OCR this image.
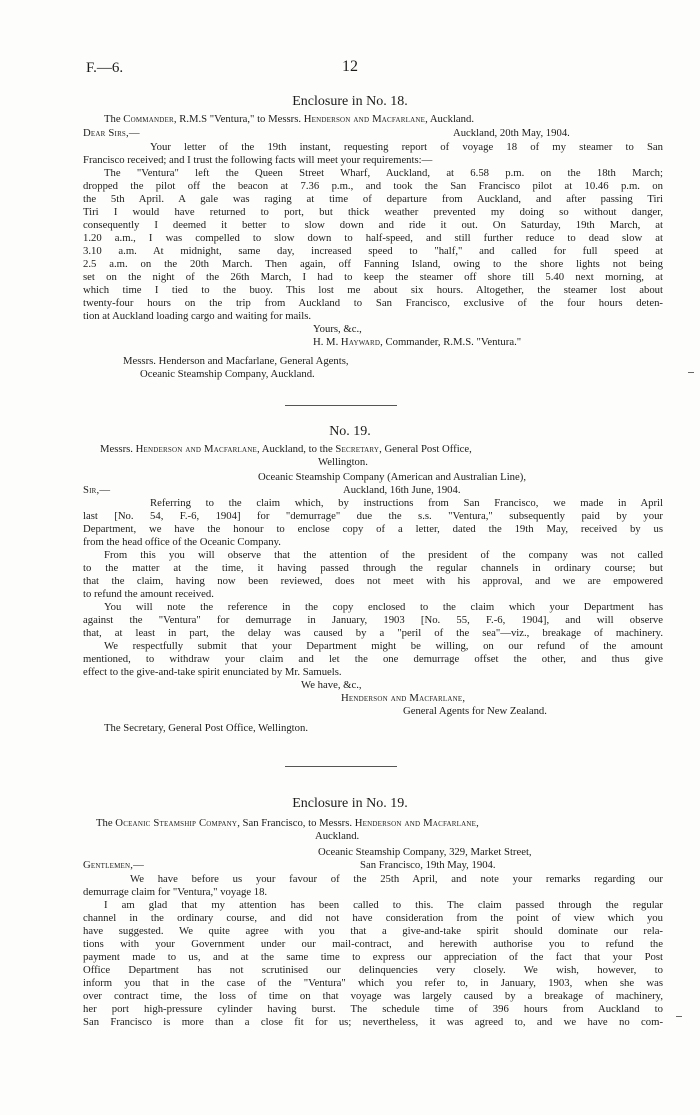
F.—6.	12
Enclosure in No. 18.
The Commander, R.M.S "Ventura," to Messrs. Henderson and Macfarlane, Auckland.
Dear Sirs,—	Auckland, 20th May, 1904.
Your letter of the 19th instant, requesting report of voyage 18 of my steamer to San
Francisco received; and I trust the following facts will meet your requirements:—
The "Ventura" left the Queen Street Wharf, Auckland, at 6.58 p.m. on the 18th March;
dropped the pilot off the beacon at 7.36 p.m., and took the San Francisco pilot at 10.46 p.m. on
the 5th April. A gale was raging at time of departure from Auckland, and after passing Tiri
Tiri I would have returned to port, but thick weather prevented my doing so without danger,
consequently I deemed it better to slow down and ride it out. On Saturday, 19th March, at
1.20 a.m., I was compelled to slow down to half-speed, and still further reduce to dead slow at
3.10 a.m. At midnight, same day, increased speed to "half," and called for full speed at
2.5 a.m. on the 20th March. Then again, off Fanning Island, owing to the shore lights not being
set on the night of the 26th March, I had to keep the steamer off shore till 5.40 next morning, at
which time I tied to the buoy. This lost me about six hours. Altogether, the steamer lost about
twenty-four hours on the trip from Auckland to San Francisco, exclusive of the four hours deten-
tion at Auckland loading cargo and waiting for mails.
Yours, &c.,
H. M. Hayward, Commander, R.M.S. "Ventura."
Messrs. Henderson and Macfarlane, General Agents,
Oceanic Steamship Company, Auckland.
No. 19.
Messrs. Henderson and Macfarlane, Auckland, to the Secretary, General Post Office,
Wellington.
Oceanic Steamship Company (American and Australian Line),
Sir,—	Auckland, 16th June, 1904.
Referring to the claim which, by instructions from San Francisco, we made in April
last [No. 54, F.-6, 1904] for "demurrage" due the s.s. "Ventura," subsequently paid by your
Department, we have the honour to enclose copy of a letter, dated the 19th May, received by us
from the head office of the Oceanic Company.
From this you will observe that the attention of the president of the company was not called
to the matter at the time, it having passed through the regular channels in ordinary course; but
that the claim, having now been reviewed, does not meet with his approval, and we are empowered
to refund the amount received.
You will note the reference in the copy enclosed to the claim which your Department has
against the "Ventura" for demurrage in January, 1903 [No. 55, F.-6, 1904], and will observe
that, at least in part, the delay was caused by a "peril of the sea"—viz., breakage of machinery.
We respectfully submit that your Department might be willing, on our refund of the amount
mentioned, to withdraw your claim and let the one demurrage offset the other, and thus give
effect to the give-and-take spirit enunciated by Mr. Samuels.
We have, &c.,
Henderson and Macfarlane,
General Agents for New Zealand.
The Secretary, General Post Office, Wellington.
Enclosure in No. 19.
The Oceanic Steamship Company, San Francisco, to Messrs. Henderson and Macfarlane,
Auckland.
Oceanic Steamship Company, 329, Market Street,
Gentlemen,—	San Francisco, 19th May, 1904.
We have before us your favour of the 25th April, and note your remarks regarding our
demurrage claim for "Ventura," voyage 18.
I am glad that my attention has been called to this. The claim passed through the regular
channel in the ordinary course, and did not have consideration from the point of view which you
have suggested. We quite agree with you that a give-and-take spirit should dominate our rela-
tions with your Government under our mail-contract, and herewith authorise you to refund the
payment made to us, and at the same time to express our appreciation of the fact that your Post
Office Department has not scrutinised our delinquencies very closely. We wish, however, to
inform you that in the case of the "Ventura" which you refer to, in January, 1903, when she was
over contract time, the loss of time on that voyage was largely caused by a breakage of machinery,
her port high-pressure cylinder having burst. The schedule time of 396 hours from Auckland to
San Francisco is more than a close fit for us; nevertheless, it was agreed to, and we have no com-
